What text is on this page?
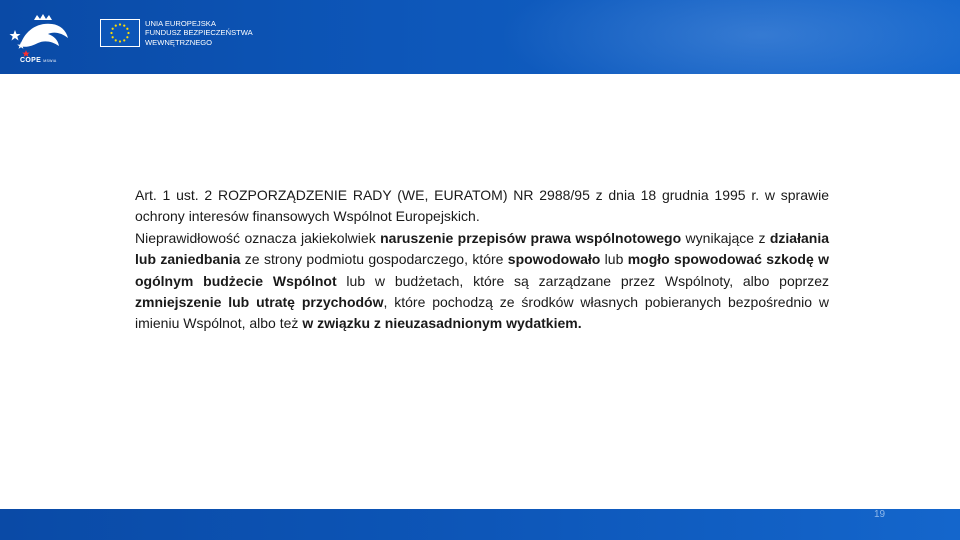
COPE MSWiA
UNIA EUROPEJSKA
FUNDUSZ BEZPIECZEŃSTWA
WEWNĘTRZNEGO

Art. 1 ust. 2 ROZPORZĄDZENIE RADY (WE, EURATOM) NR 2988/95 z dnia 18 grudnia 1995 r. w sprawie ochrony interesów finansowych Wspólnot Europejskich.

Nieprawidłowość oznacza jakiekolwiek naruszenie przepisów prawa wspólnotowego wynikające z działania lub zaniedbania ze strony podmiotu gospodarczego, które spowodowało lub mogło spowodować szkodę w ogólnym budżecie Wspólnot lub w budżetach, które są zarządzane przez Wspólnoty, albo poprzez zmniejszenie lub utratę przychodów, które pochodzą ze środków własnych pobieranych bezpośrednio w imieniu Wspólnot, albo też w związku z nieuzasadnionym wydatkiem.

19
